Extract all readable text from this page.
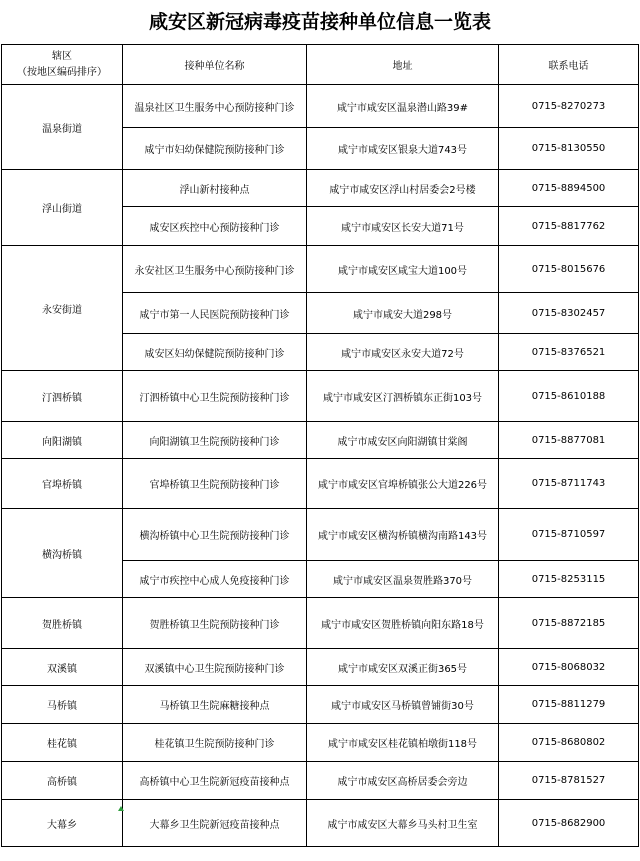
咸安区新冠病毒疫苗接种单位信息一览表
辖区
（按地区编码排序）	接种单位名称	地址	联系电话
温泉街道	温泉社区卫生服务中心预防接种门诊	咸宁市咸安区温泉潜山路39#	0715-8270273
	咸宁市妇幼保健院预防接种门诊	咸宁市咸安区银泉大道743号	0715-8130550
浮山街道	浮山新村接种点	咸宁市咸安区浮山村居委会2号楼	0715-8894500
	咸安区疾控中心预防接种门诊	咸宁市咸安区长安大道71号	0715-8817762
永安街道	永安社区卫生服务中心预防接种门诊	咸宁市咸安区咸宝大道100号	0715-8015676
	咸宁市第一人民医院预防接种门诊	咸宁市咸安大道298号	0715-8302457
	咸安区妇幼保健院预防接种门诊	咸宁市咸安区永安大道72号	0715-8376521
汀泗桥镇	汀泗桥镇中心卫生院预防接种门诊	咸宁市咸安区汀泗桥镇东正街103号	0715-8610188
向阳湖镇	向阳湖镇卫生院预防接种门诊	咸宁市咸安区向阳湖镇甘棠阁	0715-8877081
官埠桥镇	官埠桥镇卫生院预防接种门诊	咸宁市咸安区官埠桥镇张公大道226号	0715-8711743
横沟桥镇	横沟桥镇中心卫生院预防接种门诊	咸宁市咸安区横沟桥镇横沟南路143号	0715-8710597
	咸宁市疾控中心成人免疫接种门诊	咸宁市咸安区温泉贺胜路370号	0715-8253115
贺胜桥镇	贺胜桥镇卫生院预防接种门诊	咸宁市咸安区贺胜桥镇向阳东路18号	0715-8872185
双溪镇	双溪镇中心卫生院预防接种门诊	咸宁市咸安区双溪正街365号	0715-8068032
马桥镇	马桥镇卫生院麻糖接种点	咸宁市咸安区马桥镇曾铺街30号	0715-8811279
桂花镇	桂花镇卫生院预防接种门诊	咸宁市咸安区桂花镇柏墩街118号	0715-8680802
高桥镇	高桥镇中心卫生院新冠疫苗接种点	咸宁市咸安区高桥居委会旁边	0715-8781527
大幕乡	大幕乡卫生院新冠疫苗接种点	咸宁市咸安区大幕乡马头村卫生室	0715-8682900
